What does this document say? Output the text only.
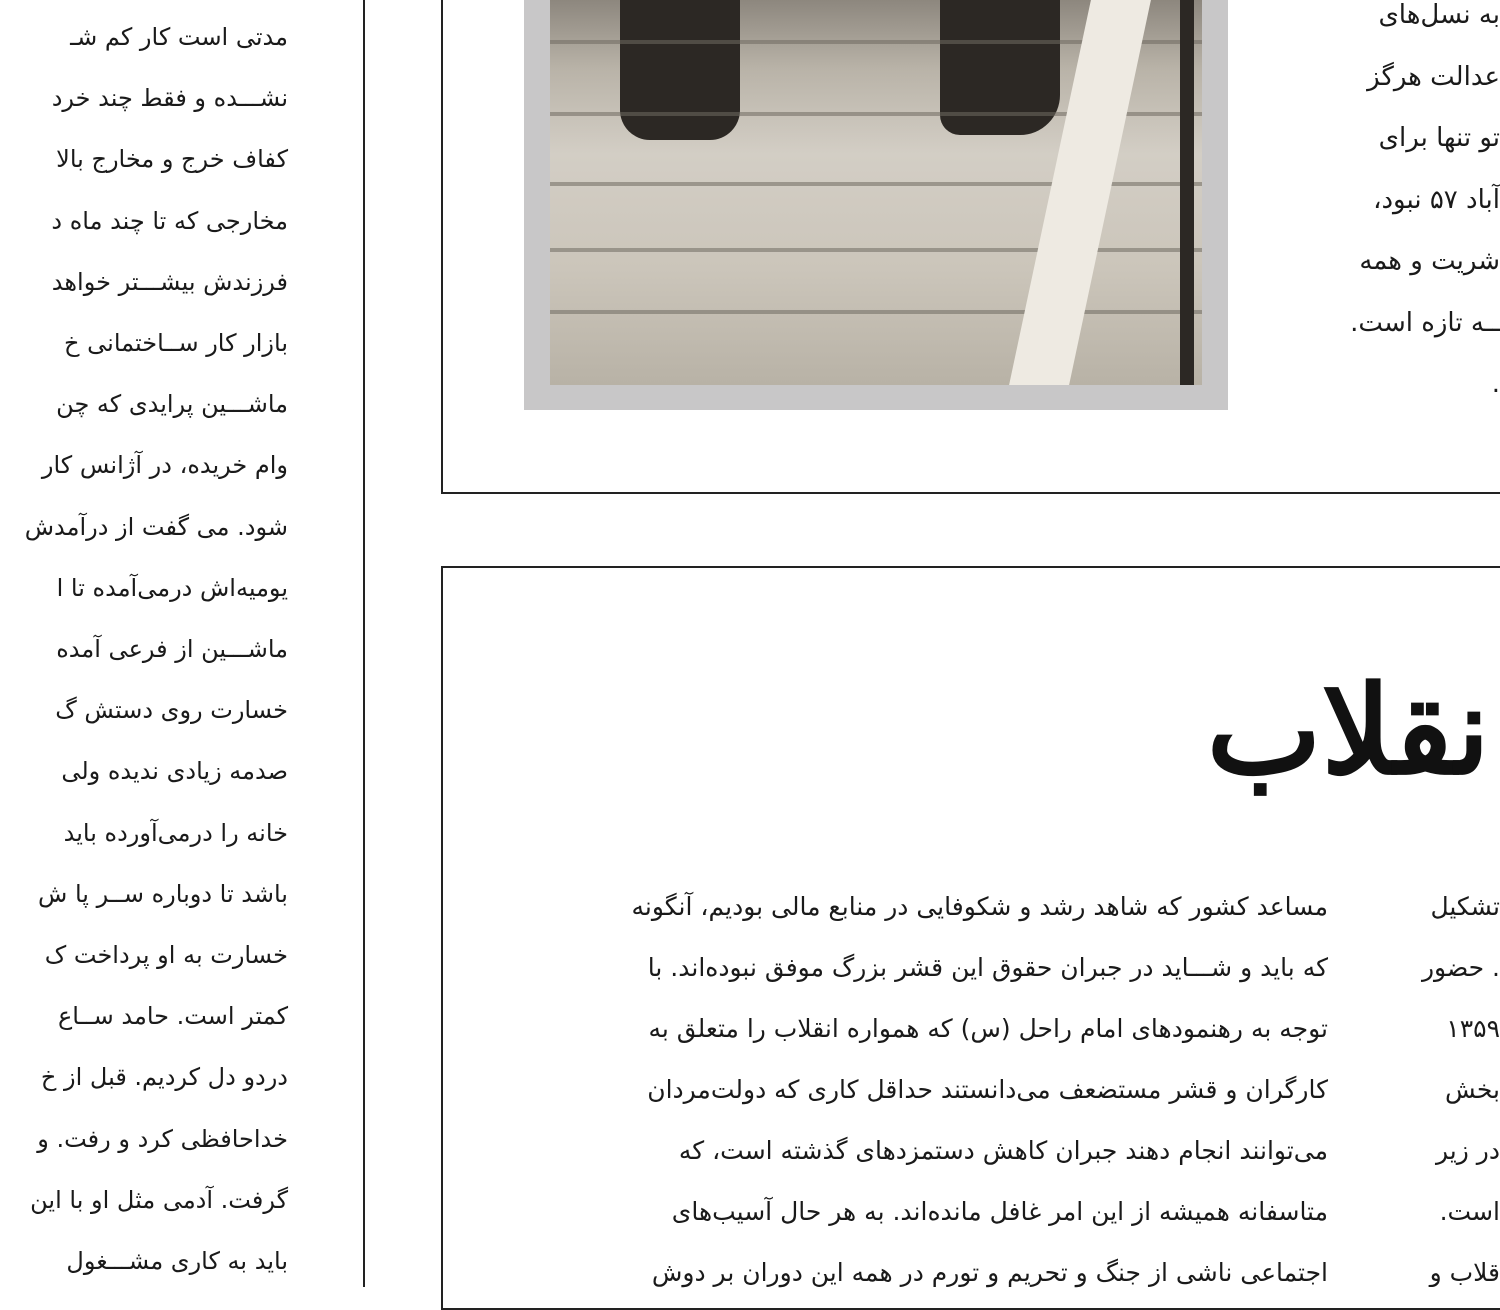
مدتی است کار کم شـ
نشـــده و فقط چند خرد
کفاف خرج و مخارج بالا
مخارجی که تا چند ماه د
فرزندش بیشـــتر خواهد
بازار کار ســاختمانی خ
ماشـــین پرایدی که چن
وام خریده، در آژانس کار
شود. می گفت از درآمدش
یومیه‌اش درمی‌آمده تا ا
ماشـــین از فرعی آمده
خسارت روی دستش گ
صدمه زیادی ندیده ولی
خانه را درمی‌آورده باید
باشد تا دوباره ســر پا ش
خسارت به او پرداخت ک
کمتر است. حامد ســاع
دردو دل کردیم. قبل از خ
خداحافظی کرد و رفت. و
گرفت. آدمی مثل او با این
باید به کاری مشـــغول
به نسل‌های
عدالت هرگز
تو تنها برای
آباد ۵۷ نبود،
شریت و همه
ــه تازه است.
.
نقلاب
مساعد کشور که شاهد رشد و شکوفایی در منابع مالی بودیم، آنگونه
که باید و شـــاید در جبران حقوق این قشر بزرگ موفق نبوده‌اند. با
توجه به رهنمودهای امام راحل (س) که همواره انقلاب را متعلق به
کارگران و قشر مستضعف می‌دانستند حداقل کاری که دولت‌مردان
می‌توانند انجام دهند جبران کاهش دستمزدهای گذشته است، که
متاسفانه همیشه از این امر غافل مانده‌اند. به هر حال آسیب‌های
اجتماعی ناشی از جنگ و تحریم و تورم در همه این دوران بر دوش
تشکیل
. حضور
۱۳۵۹
بخش
در زیر
است.
قلاب و
